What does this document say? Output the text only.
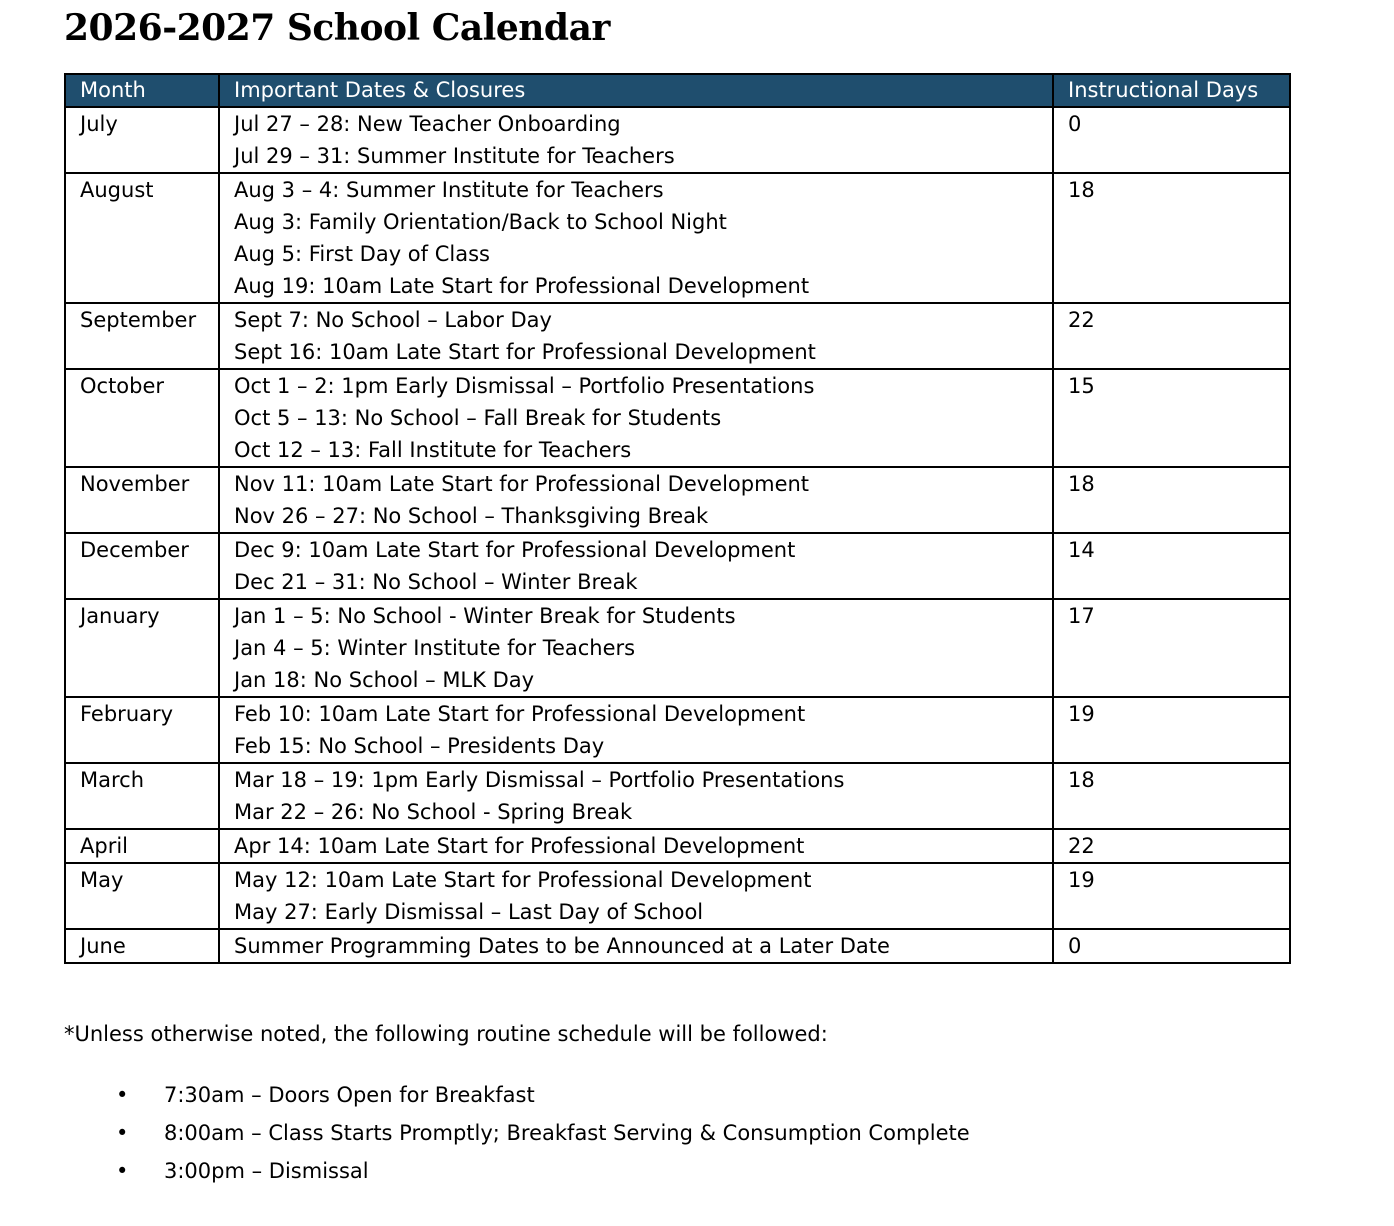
2026-2027 School Calendar
Month	Important Dates & Closures	Instructional Days

July	Jul 27 – 28: New Teacher Onboarding
Jul 29 – 31: Summer Institute for Teachers	0

August	Aug 3 – 4: Summer Institute for Teachers
Aug 3: Family Orientation/Back to School Night
Aug 5: First Day of Class
Aug 19: 10am Late Start for Professional Development	18

September	Sept 7: No School – Labor Day
Sept 16: 10am Late Start for Professional Development	22

October	Oct 1 – 2: 1pm Early Dismissal – Portfolio Presentations
Oct 5 – 13: No School – Fall Break for Students
Oct 12 – 13: Fall Institute for Teachers	15

November	Nov 11: 10am Late Start for Professional Development
Nov 26 – 27: No School – Thanksgiving Break	18

December	Dec 9: 10am Late Start for Professional Development
Dec 21 – 31: No School – Winter Break	14

January	Jan 1 – 5: No School - Winter Break for Students
Jan 4 – 5: Winter Institute for Teachers
Jan 18: No School – MLK Day	17

February	Feb 10: 10am Late Start for Professional Development
Feb 15: No School – Presidents Day	19

March	Mar 18 – 19: 1pm Early Dismissal – Portfolio Presentations
Mar 22 – 26: No School - Spring Break	18

April	Apr 14: 10am Late Start for Professional Development	22

May	May 12: 10am Late Start for Professional Development
May 27: Early Dismissal – Last Day of School	19

June	Summer Programming Dates to be Announced at a Later Date	0

*Unless otherwise noted, the following routine schedule will be followed:

• 7:30am – Doors Open for Breakfast
• 8:00am – Class Starts Promptly; Breakfast Serving & Consumption Complete
• 3:00pm – Dismissal
